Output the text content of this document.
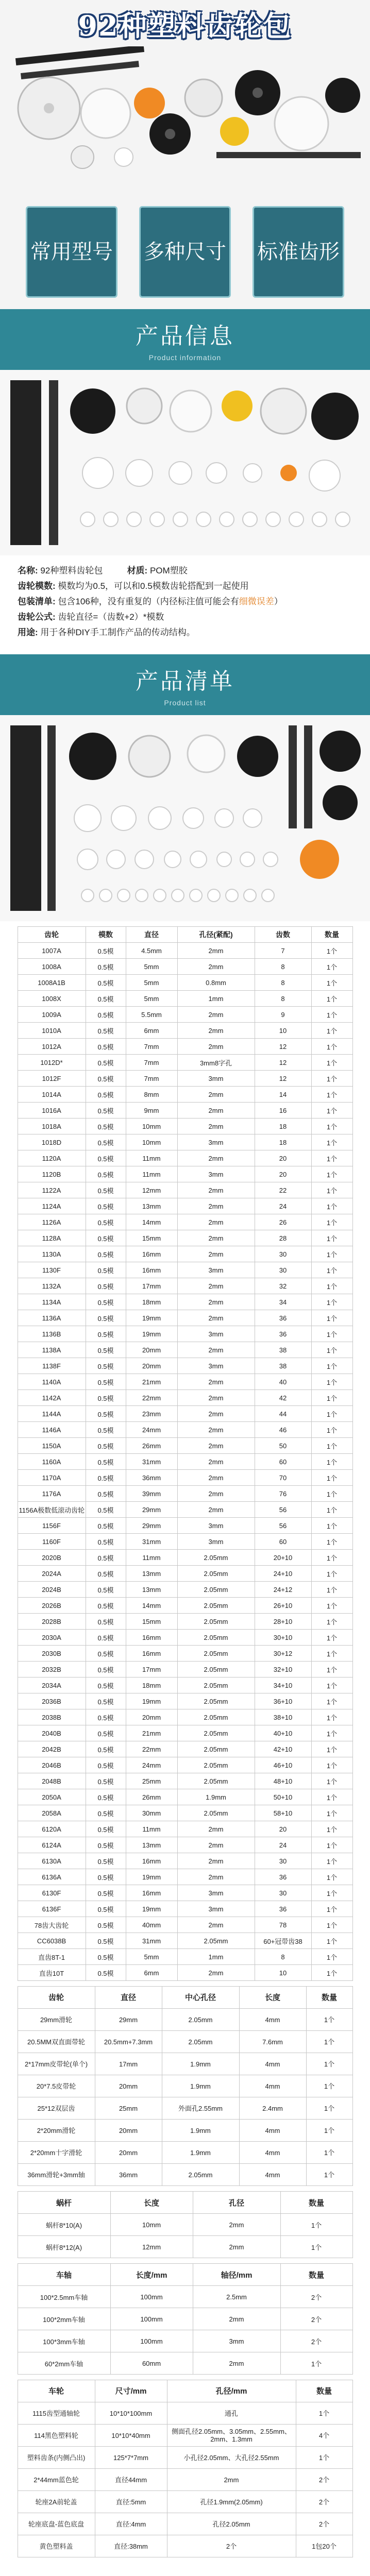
92种塑料齿轮包
常用型号 多种尺寸 标准齿形
产品信息
Product information

名称: 92种塑料齿轮包	材质: POM塑胶

齿轮模数: 模数均为0.5，可以和0.5模数齿轮搭配到一起使用

包装清单: 包含106种，没有重复的（内径标注值可能会有细微误差）

齿轮公式: 齿轮直径=（齿数+2）*模数

用途: 用于各种DIY手工制作产品的传动结构。

产品清单
Product list
齿轮	模数	直径	孔径(紧配)	齿数	数量
1007A	0.5模	4.5mm	2mm	7	1个
1008A	0.5模	5mm	2mm	8	1个
1008A1B	0.5模	5mm	0.8mm	8	1个
1008X	0.5模	5mm	1mm	8	1个
1009A	0.5模	5.5mm	2mm	9	1个
1010A	0.5模	6mm	2mm	10	1个
1012A	0.5模	7mm	2mm	12	1个
1012D*	0.5模	7mm	3mm8字孔	12	1个
1012F	0.5模	7mm	3mm	12	1个
1014A	0.5模	8mm	2mm	14	1个
1016A	0.5模	9mm	2mm	16	1个
1018A	0.5模	10mm	2mm	18	1个
1018D	0.5模	10mm	3mm	18	1个
1120A	0.5模	11mm	2mm	20	1个
1120B	0.5模	11mm	3mm	20	1个
1122A	0.5模	12mm	2mm	22	1个
1124A	0.5模	13mm	2mm	24	1个
1126A	0.5模	14mm	2mm	26	1个
1128A	0.5模	15mm	2mm	28	1个
1130A	0.5模	16mm	2mm	30	1个
1130F	0.5模	16mm	3mm	30	1个
1132A	0.5模	17mm	2mm	32	1个
1134A	0.5模	18mm	2mm	34	1个
1136A	0.5模	19mm	2mm	36	1个
1136B	0.5模	19mm	3mm	36	1个
1138A	0.5模	20mm	2mm	38	1个
1138F	0.5模	20mm	3mm	38	1个
1140A	0.5模	21mm	2mm	40	1个
1142A	0.5模	22mm	2mm	42	1个
1144A	0.5模	23mm	2mm	44	1个
1146A	0.5模	24mm	2mm	46	1个
1150A	0.5模	26mm	2mm	50	1个
1160A	0.5模	31mm	2mm	60	1个
1170A	0.5模	36mm	2mm	70	1个
1176A	0.5模	39mm	2mm	76	1个
1156A极数低滚动齿轮	0.5模	29mm	2mm	56	1个
1156F	0.5模	29mm	3mm	56	1个
1160F	0.5模	31mm	3mm	60	1个
2020B	0.5模	11mm	2.05mm	20+10	1个
2024A	0.5模	13mm	2.05mm	24+10	1个
2024B	0.5模	13mm	2.05mm	24+12	1个
2026B	0.5模	14mm	2.05mm	26+10	1个
2028B	0.5模	15mm	2.05mm	28+10	1个
2030A	0.5模	16mm	2.05mm	30+10	1个
2030B	0.5模	16mm	2.05mm	30+12	1个
2032B	0.5模	17mm	2.05mm	32+10	1个
2034A	0.5模	18mm	2.05mm	34+10	1个
2036B	0.5模	19mm	2.05mm	36+10	1个
2038B	0.5模	20mm	2.05mm	38+10	1个
2040B	0.5模	21mm	2.05mm	40+10	1个
2042B	0.5模	22mm	2.05mm	42+10	1个
2046B	0.5模	24mm	2.05mm	46+10	1个
2048B	0.5模	25mm	2.05mm	48+10	1个
2050A	0.5模	26mm	1.9mm	50+10	1个
2058A	0.5模	30mm	2.05mm	58+10	1个
6120A	0.5模	11mm	2mm	20	1个
6124A	0.5模	13mm	2mm	24	1个
6130A	0.5模	16mm	2mm	30	1个
6136A	0.5模	19mm	2mm	36	1个
6130F	0.5模	16mm	3mm	30	1个
6136F	0.5模	19mm	3mm	36	1个
78齿大齿轮	0.5模	40mm	2mm	78	1个
CC6038B	0.5模	31mm	2.05mm	60+冠带齿38	1个
直齿8T-1	0.5模	5mm	1mm	8	1个
直齿10T	0.5模	6mm	2mm	10	1个
齿轮	直径	中心孔径	长度	数量
29mm滑轮	29mm	2.05mm	4mm	1个
20.5MM双直面带轮	20.5mm+7.3mm	2.05mm	7.6mm	1个
2*17mm皮带轮(单个)	17mm	1.9mm	4mm	1个
20*7.5皮带轮	20mm	1.9mm	4mm	1个
25*12双层齿	25mm	外面孔2.55mm	2.4mm	1个
2*20mm滑轮	20mm	1.9mm	4mm	1个
2*20mm十字滑轮	20mm	1.9mm	4mm	1个
36mm滑轮+3mm轴	36mm	2.05mm	4mm	1个
蜗杆	长度	孔径	数量
蜗杆8*10(A)	10mm	2mm	1个
蜗杆8*12(A)	12mm	2mm	1个
车轴	长度/mm	轴径/mm	数量
100*2.5mm车轴	100mm	2.5mm	2个
100*2mm车轴	100mm	2mm	2个
100*3mm车轴	100mm	3mm	2个
60*2mm车轴	60mm	2mm	1个
车轮	尺寸/mm	孔径/mm	数量
1115齿型通轴轮	10*10*100mm	通孔	1个
114黑色塑料轮	10*10*40mm	侧面孔径2.05mm、3.05mm、2.55mm、2mm、1.3mm	4个
塑料齿条(内侧凸出)	125*7*7mm	小孔径2.05mm、大孔径2.55mm	1个
2*44mm蓝色轮	直径44mm	2mm	2个
轮座2A前轮盖	直径:5mm	孔径1.9mm(2.05mm)	2个
轮座底盘-蓝色底盘	直径:4mm	孔径2.05mm	2个
黄色塑料盖	直径:38mm	2个	1包20个
